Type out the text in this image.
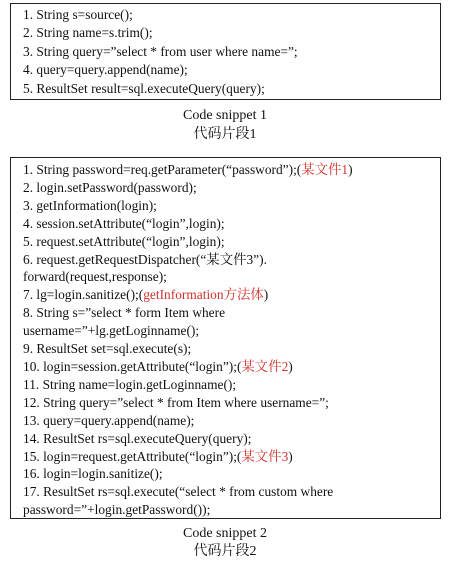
1. String s=source();
2. String name=s.trim();
3. String query=”select * from user where name=”;
4. query=query.append(name);
5. ResultSet result=sql.executeQuery(query);
Code snippet 1
代码片段1
1. String password=req.getParameter(“password”);(某文件1)
2. login.setPassword(password);
3. getInformation(login);
4. session.setAttribute(“login”,login);
5. request.setAttribute(“login”,login);
6. request.getRequestDispatcher(“某文件3”).
forward(request,response);
7. lg=login.sanitize();(getInformation方法体)
8. String s=”select * form Item where
username=”+lg.getLoginname();
9. ResultSet set=sql.execute(s);
10. login=session.getAttribute(“login”);(某文件2)
11. String name=login.getLoginname();
12. String query=”select * from Item where username=”;
13. query=query.append(name);
14. ResultSet rs=sql.executeQuery(query);
15. login=request.getAttribute(“login”);(某文件3)
16. login=login.sanitize();
17. ResultSet rs=sql.execute(“select * from custom where
password=”+login.getPassword());
Code snippet 2
代码片段2
